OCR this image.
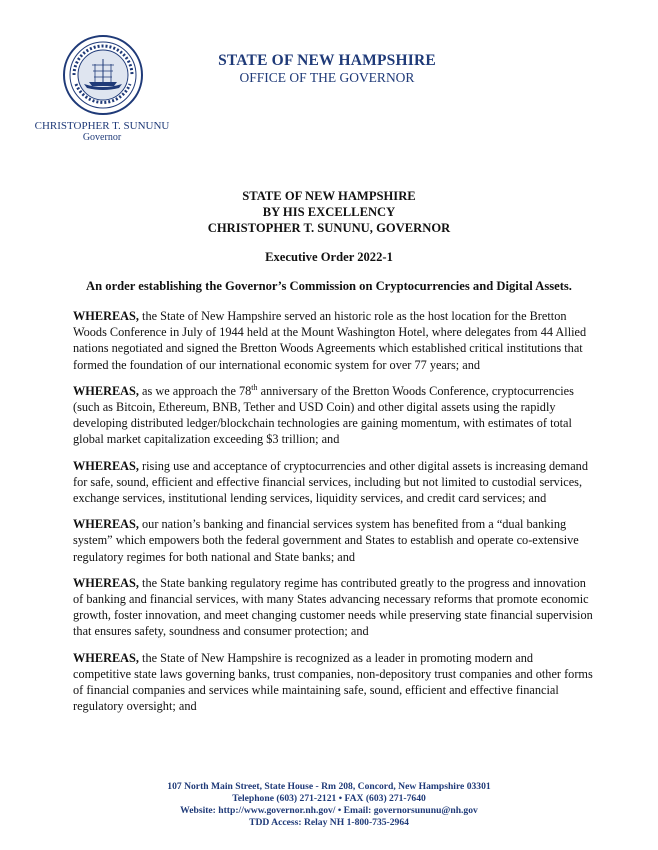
STATE OF NEW HAMPSHIRE
OFFICE OF THE GOVERNOR
CHRISTOPHER T. SUNUNU
Governor
STATE OF NEW HAMPSHIRE
BY HIS EXCELLENCY
CHRISTOPHER T. SUNUNU, GOVERNOR
Executive Order 2022-1
An order establishing the Governor’s Commission on Cryptocurrencies and Digital Assets.

WHEREAS, the State of New Hampshire served an historic role as the host location for the Bretton Woods Conference in July of 1944 held at the Mount Washington Hotel, where delegates from 44 Allied nations negotiated and signed the Bretton Woods Agreements which established critical institutions that formed the foundation of our international economic system for over 77 years; and

WHEREAS, as we approach the 78th anniversary of the Bretton Woods Conference, cryptocurrencies (such as Bitcoin, Ethereum, BNB, Tether and USD Coin) and other digital assets using the rapidly developing distributed ledger/blockchain technologies are gaining momentum, with estimates of total global market capitalization exceeding $3 trillion; and

WHEREAS, rising use and acceptance of cryptocurrencies and other digital assets is increasing demand for safe, sound, efficient and effective financial services, including but not limited to custodial services, exchange services, institutional lending services, liquidity services, and credit card services; and

WHEREAS, our nation’s banking and financial services system has benefited from a “dual banking system” which empowers both the federal government and States to establish and operate co-extensive regulatory regimes for both national and State banks; and

WHEREAS, the State banking regulatory regime has contributed greatly to the progress and innovation of banking and financial services, with many States advancing necessary reforms that promote economic growth, foster innovation, and meet changing customer needs while preserving state financial supervision that ensures safety, soundness and consumer protection; and

WHEREAS, the State of New Hampshire is recognized as a leader in promoting modern and competitive state laws governing banks, trust companies, non-depository trust companies and other forms of financial companies and services while maintaining safe, sound, efficient and effective financial regulatory oversight; and

107 North Main Street, State House - Rm 208, Concord, New Hampshire 03301
Telephone (603) 271-2121 • FAX (603) 271-7640
Website: http://www.governor.nh.gov/ • Email: governorsununu@nh.gov
TDD Access: Relay NH 1-800-735-2964
